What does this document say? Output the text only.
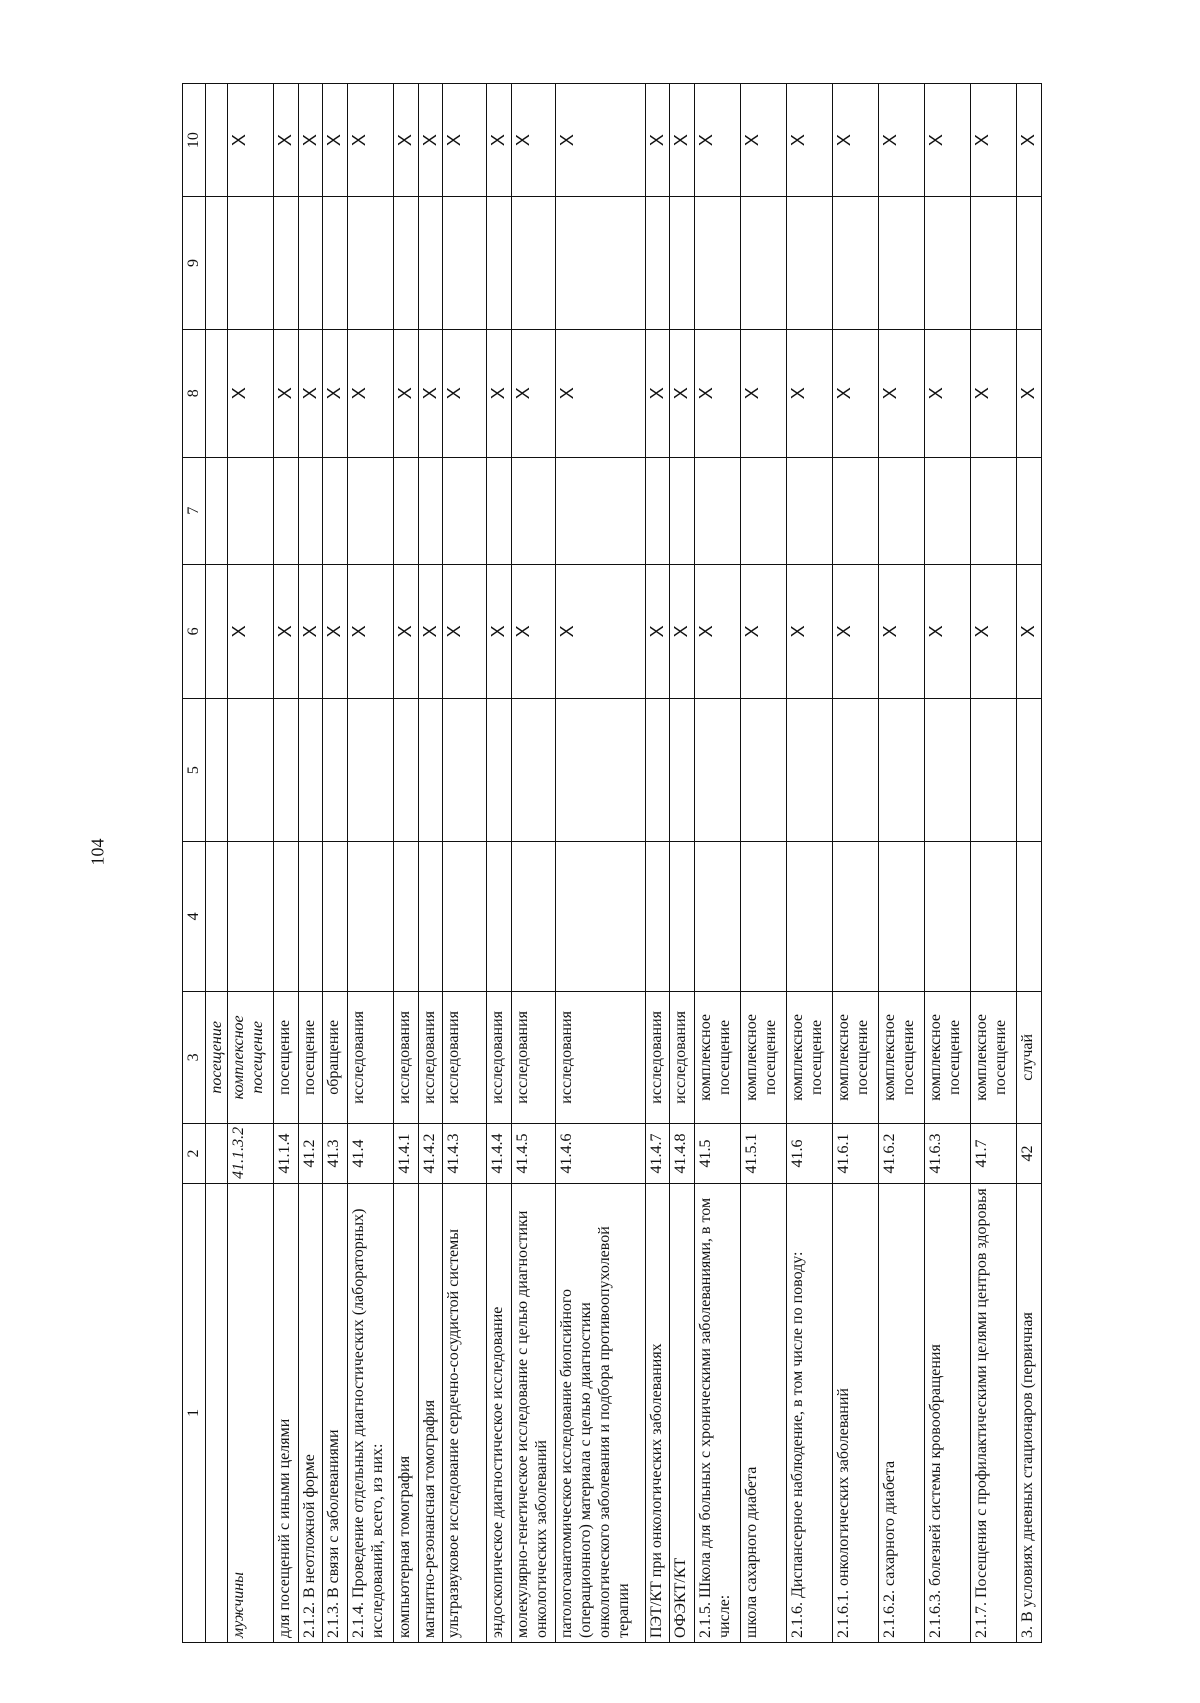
104
1	2	3	4	5	6	7	8	9	10
		посещение							
мужчины	41.1.3.2	комплексное посещение			X		X		X
для посещений с иными целями	41.1.4	посещение			X		X		X
2.1.2. В неотложной форме	41.2	посещение			X		X		X
2.1.3. В связи с заболеваниями	41.3	обращение			X		X		X
2.1.4. Проведение отдельных диагностических (лабораторных) исследований, всего, из них:	41.4	исследования			X		X		X
компьютерная томография	41.4.1	исследования			X		X		X
магнитно-резонансная томография	41.4.2	исследования			X		X		X
ультразвуковое исследование сердечно-сосудистой системы	41.4.3	исследования			X		X		X
эндоскопическое диагностическое исследование	41.4.4	исследования			X		X		X
молекулярно-генетическое исследование с целью диагностики онкологических заболеваний	41.4.5	исследования			X		X		X
патологоанатомическое исследование биопсийного (операционного) материала с целью диагностики онкологического заболевания и подбора противоопухолевой терапии	41.4.6	исследования			X		X		X
ПЭТ/КТ при онкологических заболеваниях	41.4.7	исследования			X		X		X
ОФЭКТ/КТ	41.4.8	исследования			X		X		X
2.1.5. Школа для больных с хроническими заболеваниями, в том числе:	41.5	комплексное посещение			X		X		X
школа сахарного диабета	41.5.1	комплексное посещение			X		X		X
2.1.6. Диспансерное наблюдение, в том числе по поводу:	41.6	комплексное посещение			X		X		X
2.1.6.1. онкологических заболеваний	41.6.1	комплексное посещение			X		X		X
2.1.6.2. сахарного диабета	41.6.2	комплексное посещение			X		X		X
2.1.6.3. болезней системы кровообращения	41.6.3	комплексное посещение			X		X		X
2.1.7. Посещения с профилактическими целями центров здоровья	41.7	комплексное посещение			X		X		X
3. В условиях дневных стационаров (первичная	42	случай			X		X		X
